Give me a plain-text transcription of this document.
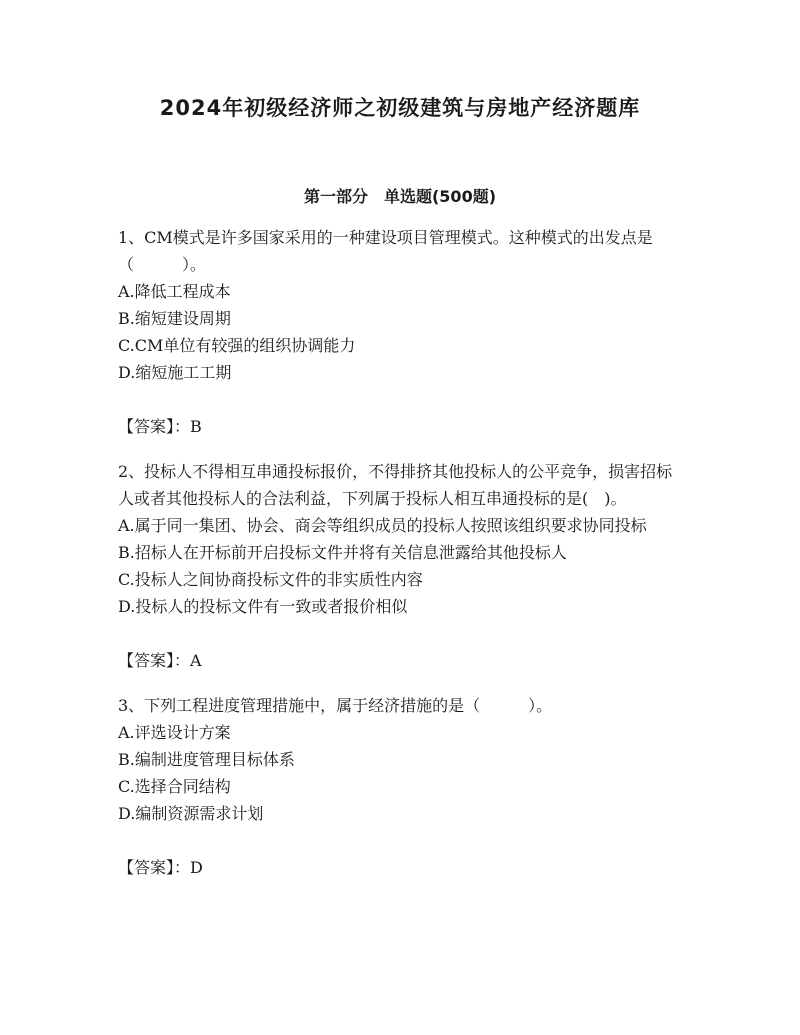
2024年初级经济师之初级建筑与房地产经济题库
第一部分　单选题(500题)

1、CM模式是许多国家采用的一种建设项目管理模式。这种模式的出发点是（　　　）。

A.降低工程成本

B.缩短建设周期

C.CM单位有较强的组织协调能力

D.缩短施工工期

【答案】：B

2、投标人不得相互串通投标报价，不得排挤其他投标人的公平竞争，损害招标人或者其他投标人的合法利益，下列属于投标人相互串通投标的是(　)。

A.属于同一集团、协会、商会等组织成员的投标人按照该组织要求协同投标

B.招标人在开标前开启投标文件并将有关信息泄露给其他投标人

C.投标人之间协商投标文件的非实质性内容

D.投标人的投标文件有一致或者报价相似

【答案】：A

3、下列工程进度管理措施中，属于经济措施的是（　　　）。

A.评选设计方案

B.编制进度管理目标体系

C.选择合同结构

D.编制资源需求计划

【答案】：D
